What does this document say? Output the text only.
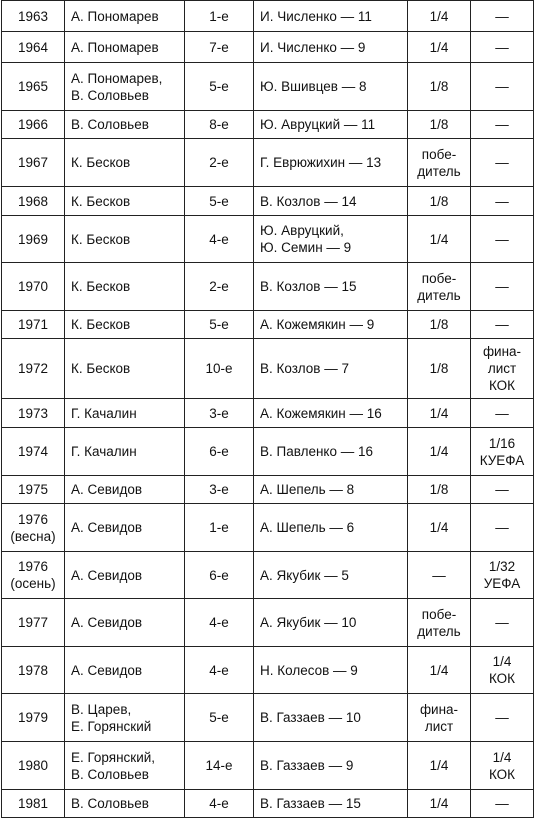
1963	А. Пономарев	1-е	И. Численко — 11	1/4	—
1964	А. Пономарев	7-е	И. Численко — 9	1/4	—
1965	А. Пономарев,
В. Соловьев	5-е	Ю. Вшивцев — 8	1/8	—
1966	В. Соловьев	8-е	Ю. Авруцкий — 11	1/8	—
1967	К. Бесков	2-е	Г. Еврюжихин — 13	побе-
дитель	—
1968	К. Бесков	5-е	В. Козлов — 14	1/8	—
1969	К. Бесков	4-е	Ю. Авруцкий,
Ю. Семин — 9	1/4	—
1970	К. Бесков	2-е	В. Козлов — 15	побе-
дитель	—
1971	К. Бесков	5-е	А. Кожемякин — 9	1/8	—
1972	К. Бесков	10-е	В. Козлов — 7	1/8	фина-
лист
КОК
1973	Г. Качалин	3-е	А. Кожемякин — 16	1/4	—
1974	Г. Качалин	6-е	В. Павленко — 16	1/4	1/16
КУЕФА
1975	А. Севидов	3-е	А. Шепель — 8	1/8	—
1976
(весна)	А. Севидов	1-е	А. Шепель — 6	1/4	—
1976
(осень)	А. Севидов	6-е	А. Якубик — 5	—	1/32
УЕФА
1977	А. Севидов	4-е	А. Якубик — 10	побе-
дитель	—
1978	А. Севидов	4-е	Н. Колесов — 9	1/4	1/4
КОК
1979	В. Царев,
Е. Горянский	5-е	В. Газзаев — 10	фина-
лист	—
1980	Е. Горянский,
В. Соловьев	14-е	В. Газзаев — 9	1/4	1/4
КОК
1981	В. Соловьев	4-е	В. Газзаев — 15	1/4	—
